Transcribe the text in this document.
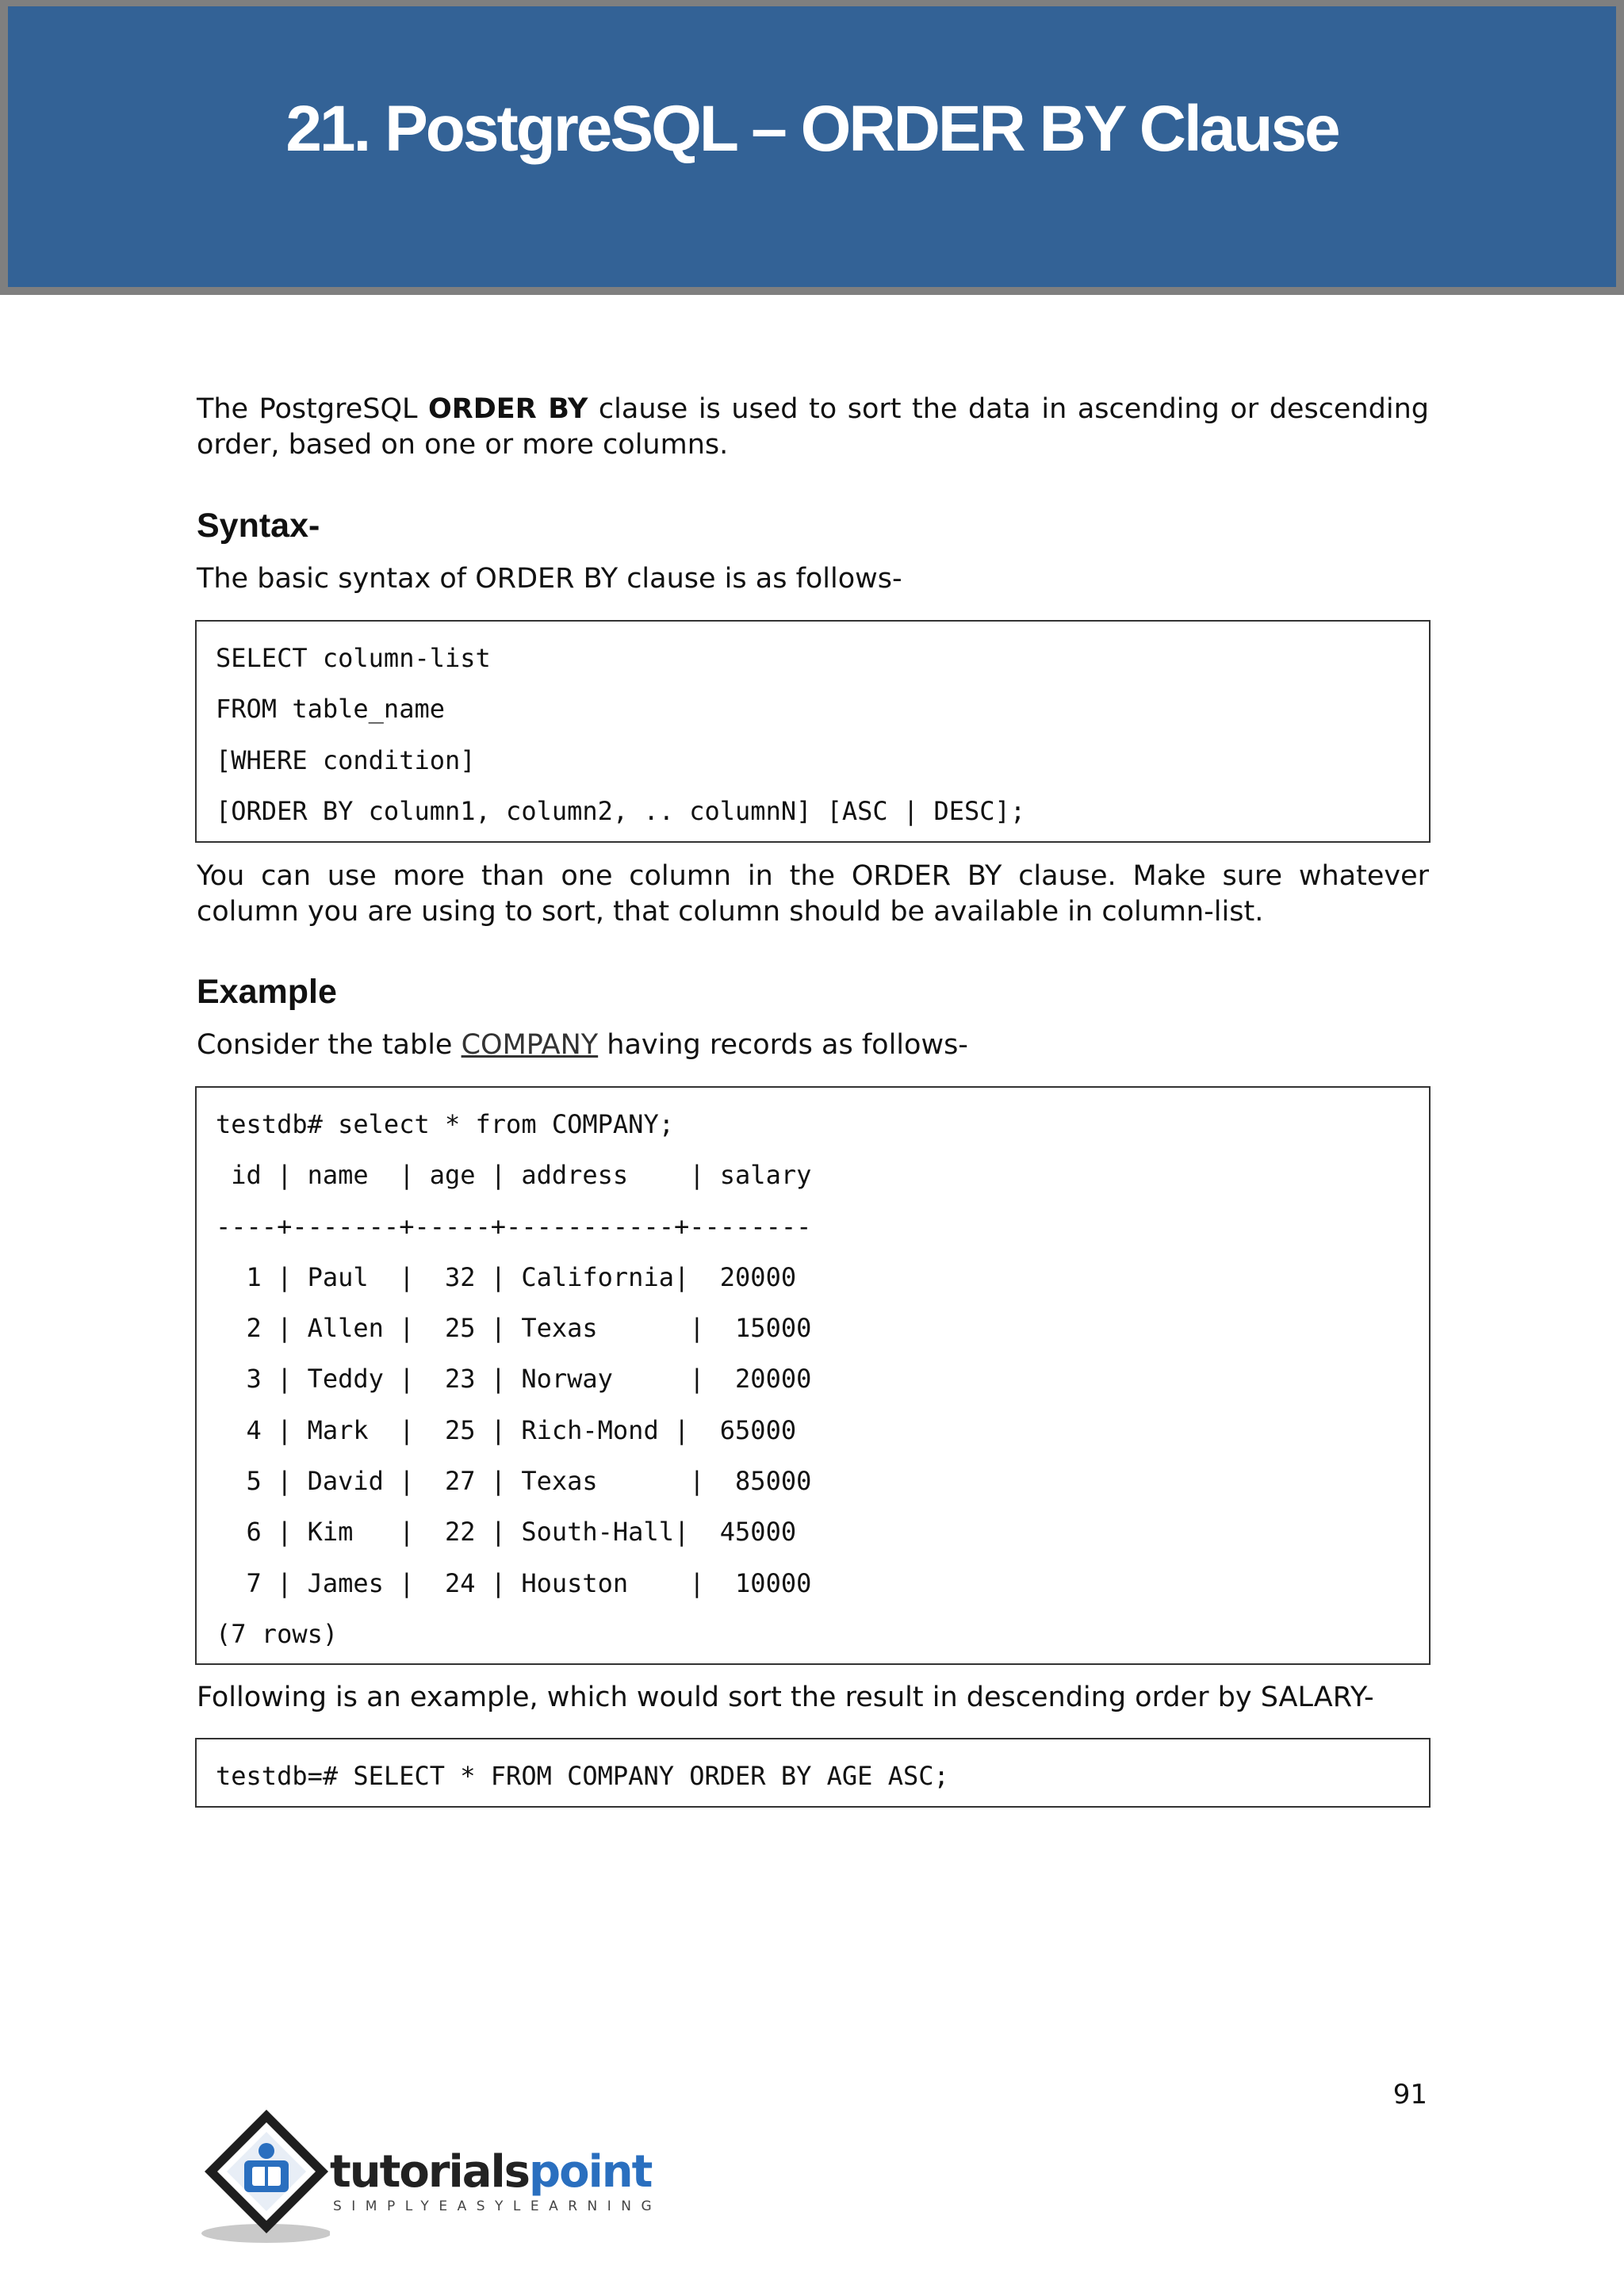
21. PostgreSQL – ORDER BY Clause

The PostgreSQL ORDER BY clause is used to sort the data in ascending or descending order, based on one or more columns.

Syntax-

The basic syntax of ORDER BY clause is as follows-

SELECT column-list
FROM table_name
[WHERE condition]
[ORDER BY column1, column2, .. columnN] [ASC | DESC];

You can use more than one column in the ORDER BY clause. Make sure whatever column you are using to sort, that column should be available in column-list.

Example

Consider the table COMPANY having records as follows-

testdb# select * from COMPANY;
id | name  | age | address    | salary
----+-------+-----+-----------+--------
1 | Paul  |  32 | California|  20000
2 | Allen |  25 | Texas      |  15000
3 | Teddy |  23 | Norway     |  20000
4 | Mark  |  25 | Rich-Mond |  65000
5 | David |  27 | Texas      |  85000
6 | Kim   |  22 | South-Hall|  45000
7 | James |  24 | Houston    |  10000
(7 rows)

Following is an example, which would sort the result in descending order by SALARY-

testdb=# SELECT * FROM COMPANY ORDER BY AGE ASC;
91
tutorialspoint
SIMPLYEASYLEARNING
